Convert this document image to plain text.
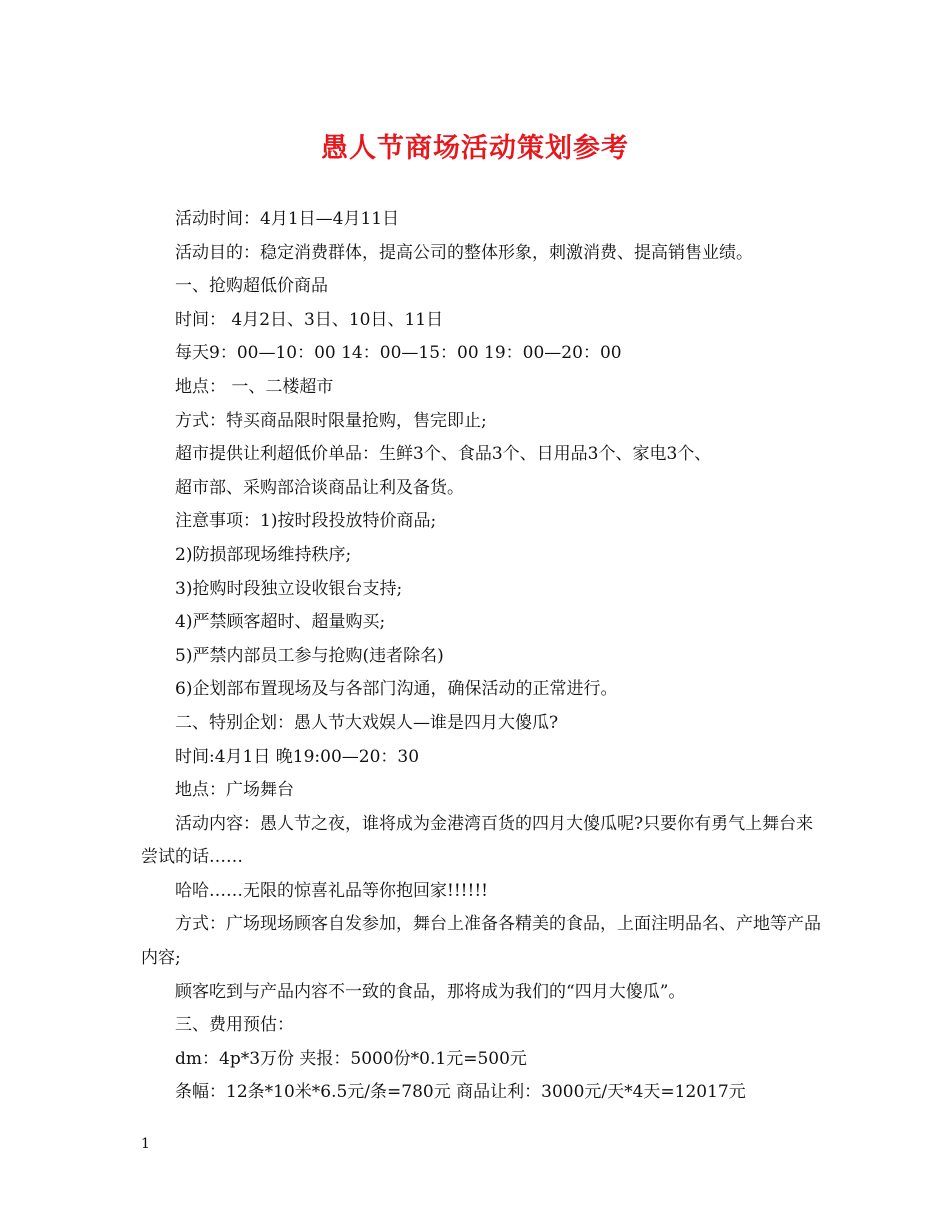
愚人节商场活动策划参考

活动时间：4月1日—4月11日

活动目的：稳定消费群体，提高公司的整体形象，刺激消费、提高销售业绩。

一、抢购超低价商品

时间： 4月2日、3日、10日、11日

每天9：00—10：00 14：00—15：00 19：00—20：00

地点： 一、二楼超市

方式：特买商品限时限量抢购，售完即止;

超市提供让利超低价单品：生鲜3个、食品3个、日用品3个、家电3个、

超市部、采购部洽谈商品让利及备货。

注意事项：1)按时段投放特价商品;

2)防损部现场维持秩序;

3)抢购时段独立设收银台支持;

4)严禁顾客超时、超量购买;

5)严禁内部员工参与抢购(违者除名)

6)企划部布置现场及与各部门沟通，确保活动的正常进行。

二、特别企划：愚人节大戏娱人—谁是四月大傻瓜?

时间:4月1日 晚19:00—20：30

地点：广场舞台

活动内容：愚人节之夜，谁将成为金港湾百货的四月大傻瓜呢?只要你有勇气上舞台来尝试的话……

哈哈……无限的惊喜礼品等你抱回家!!!!!!

方式：广场现场顾客自发参加，舞台上准备各精美的食品，上面注明品名、产地等产品内容;

顾客吃到与产品内容不一致的食品，那将成为我们的“四月大傻瓜”。

三、费用预估：

dm：4p*3万份 夹报：5000份*0.1元=500元

条幅：12条*10米*6.5元/条=780元 商品让利：3000元/天*4天=12017元

1
